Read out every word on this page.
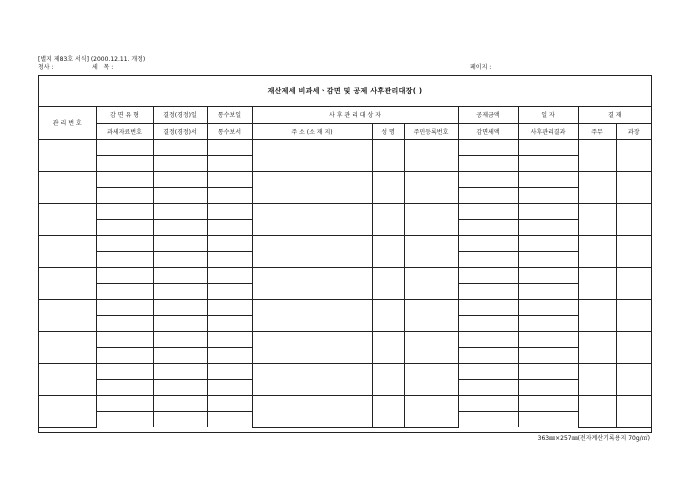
[별지 제83호 서식] (2000.12.11. 개정)
청사 :	세   목 :	페이지 :
재산제세 비과세ㆍ감면 및 공제 사후관리대장( )
관 리 번 호	감 면 유 형	결정(경정)일	통수보일	사 후 관 리 대 상 자			공제금액	일 자	결 재	
	과세자료번호	결정(경정)서	통수보서	주 소 (소 재 지)	성 명	주민등록번호	감면세액	사후관리결과	주무	과장

363㎜×257㎜(전자계산기록용지 70g/㎡)
